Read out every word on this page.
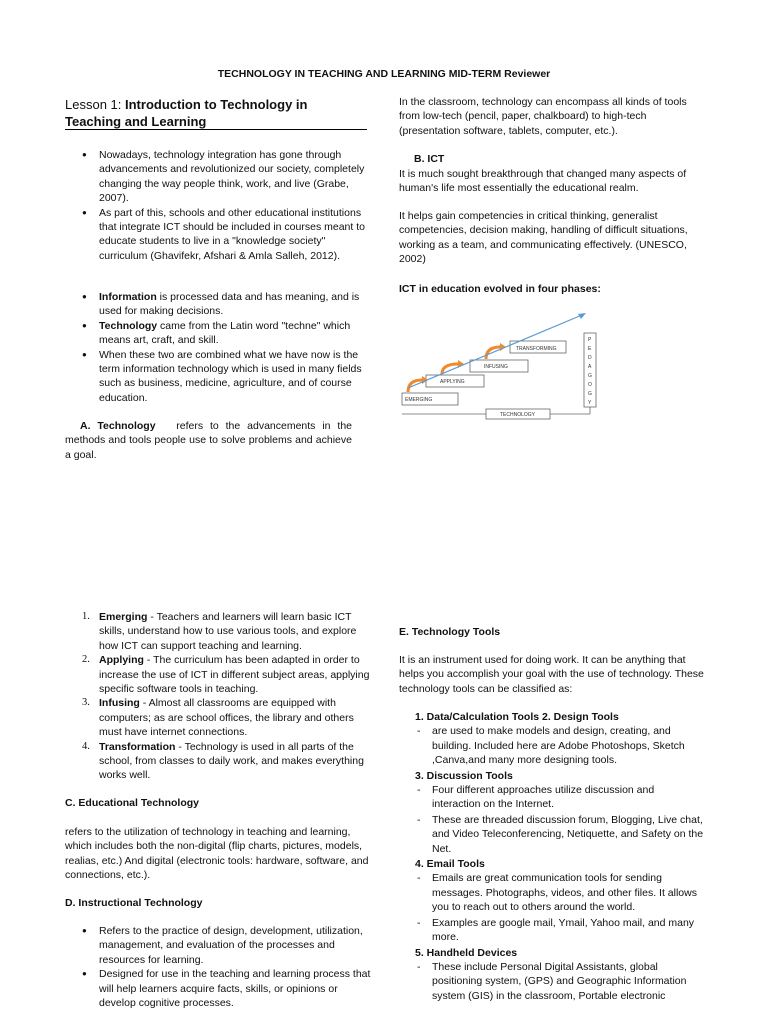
TECHNOLOGY IN TEACHING AND LEARNING MID-TERM Reviewer
Lesson 1: Introduction to Technology in Teaching and Learning
● Nowadays, technology integration has gone through advancements and revolutionized our society, completely changing the way people think, work, and live (Grabe, 2007).
● As part of this, schools and other educational institutions that integrate ICT should be included in courses meant to educate students to live in a "knowledge society" curriculum (Ghavifekr, Afshari & Amla Salleh, 2012).
● Information is processed data and has meaning, and is used for making decisions.
● Technology came from the Latin word "techne" which means art, craft, and skill.
● When these two are combined what we have now is the term information technology which is used in many fields such as business, medicine, agriculture, and of course education.
A. Technology refers to the advancements in the methods and tools people use to solve problems and achieve a goal.
1. Emerging - Teachers and learners will learn basic ICT skills, understand how to use various tools, and explore how ICT can support teaching and learning.
2. Applying - The curriculum has been adapted in order to increase the use of ICT in different subject areas, applying specific software tools in teaching.
3. Infusing - Almost all classrooms are equipped with computers; as are school offices, the library and others must have internet connections.
4. Transformation - Technology is used in all parts of the school, from classes to daily work, and makes everything works well.
C. Educational Technology
refers to the utilization of technology in teaching and learning, which includes both the non-digital (flip charts, pictures, models, realias, etc.) And digital (electronic tools: hardware, software, and connections, etc.).
D. Instructional Technology
● Refers to the practice of design, development, utilization, management, and evaluation of the processes and resources for learning.
● Designed for use in the teaching and learning process that will help learners acquire facts, skills, or opinions or develop cognitive processes.
In the classroom, technology can encompass all kinds of tools from low-tech (pencil, paper, chalkboard) to high-tech (presentation software, tablets, computer, etc.).
B. ICT
It is much sought breakthrough that changed many aspects of human's life most essentially the educational realm.
It helps gain competencies in critical thinking, generalist competencies, decision making, handling of difficult situations, working as a team, and communicating effectively. (UNESCO, 2002)
ICT in education evolved in four phases:
EMERGING
APPLYING
INFUSING
TRANSFORMING
P
E
D
A
G
O
G
Y
TECHNOLOGY
E. Technology Tools
It is an instrument used for doing work. It can be anything that helps you accomplish your goal with the use of technology. These technology tools can be classified as:
1. Data/Calculation Tools 2. Design Tools
- are used to make models and design, creating, and building. Included here are Adobe Photoshops, Sketch ,Canva,and many more designing tools.
3. Discussion Tools
- Four different approaches utilize discussion and interaction on the Internet.
- These are threaded discussion forum, Blogging, Live chat, and Video Teleconferencing, Netiquette, and Safety on the Net.
4. Email Tools
- Emails are great communication tools for sending messages. Photographs, videos, and other files. It allows you to reach out to others around the world.
- Examples are google mail, Ymail, Yahoo mail, and many more.
5. Handheld Devices
- These include Personal Digital Assistants, global positioning system, (GPS) and Geographic Information system (GIS) in the classroom, Portable electronic
